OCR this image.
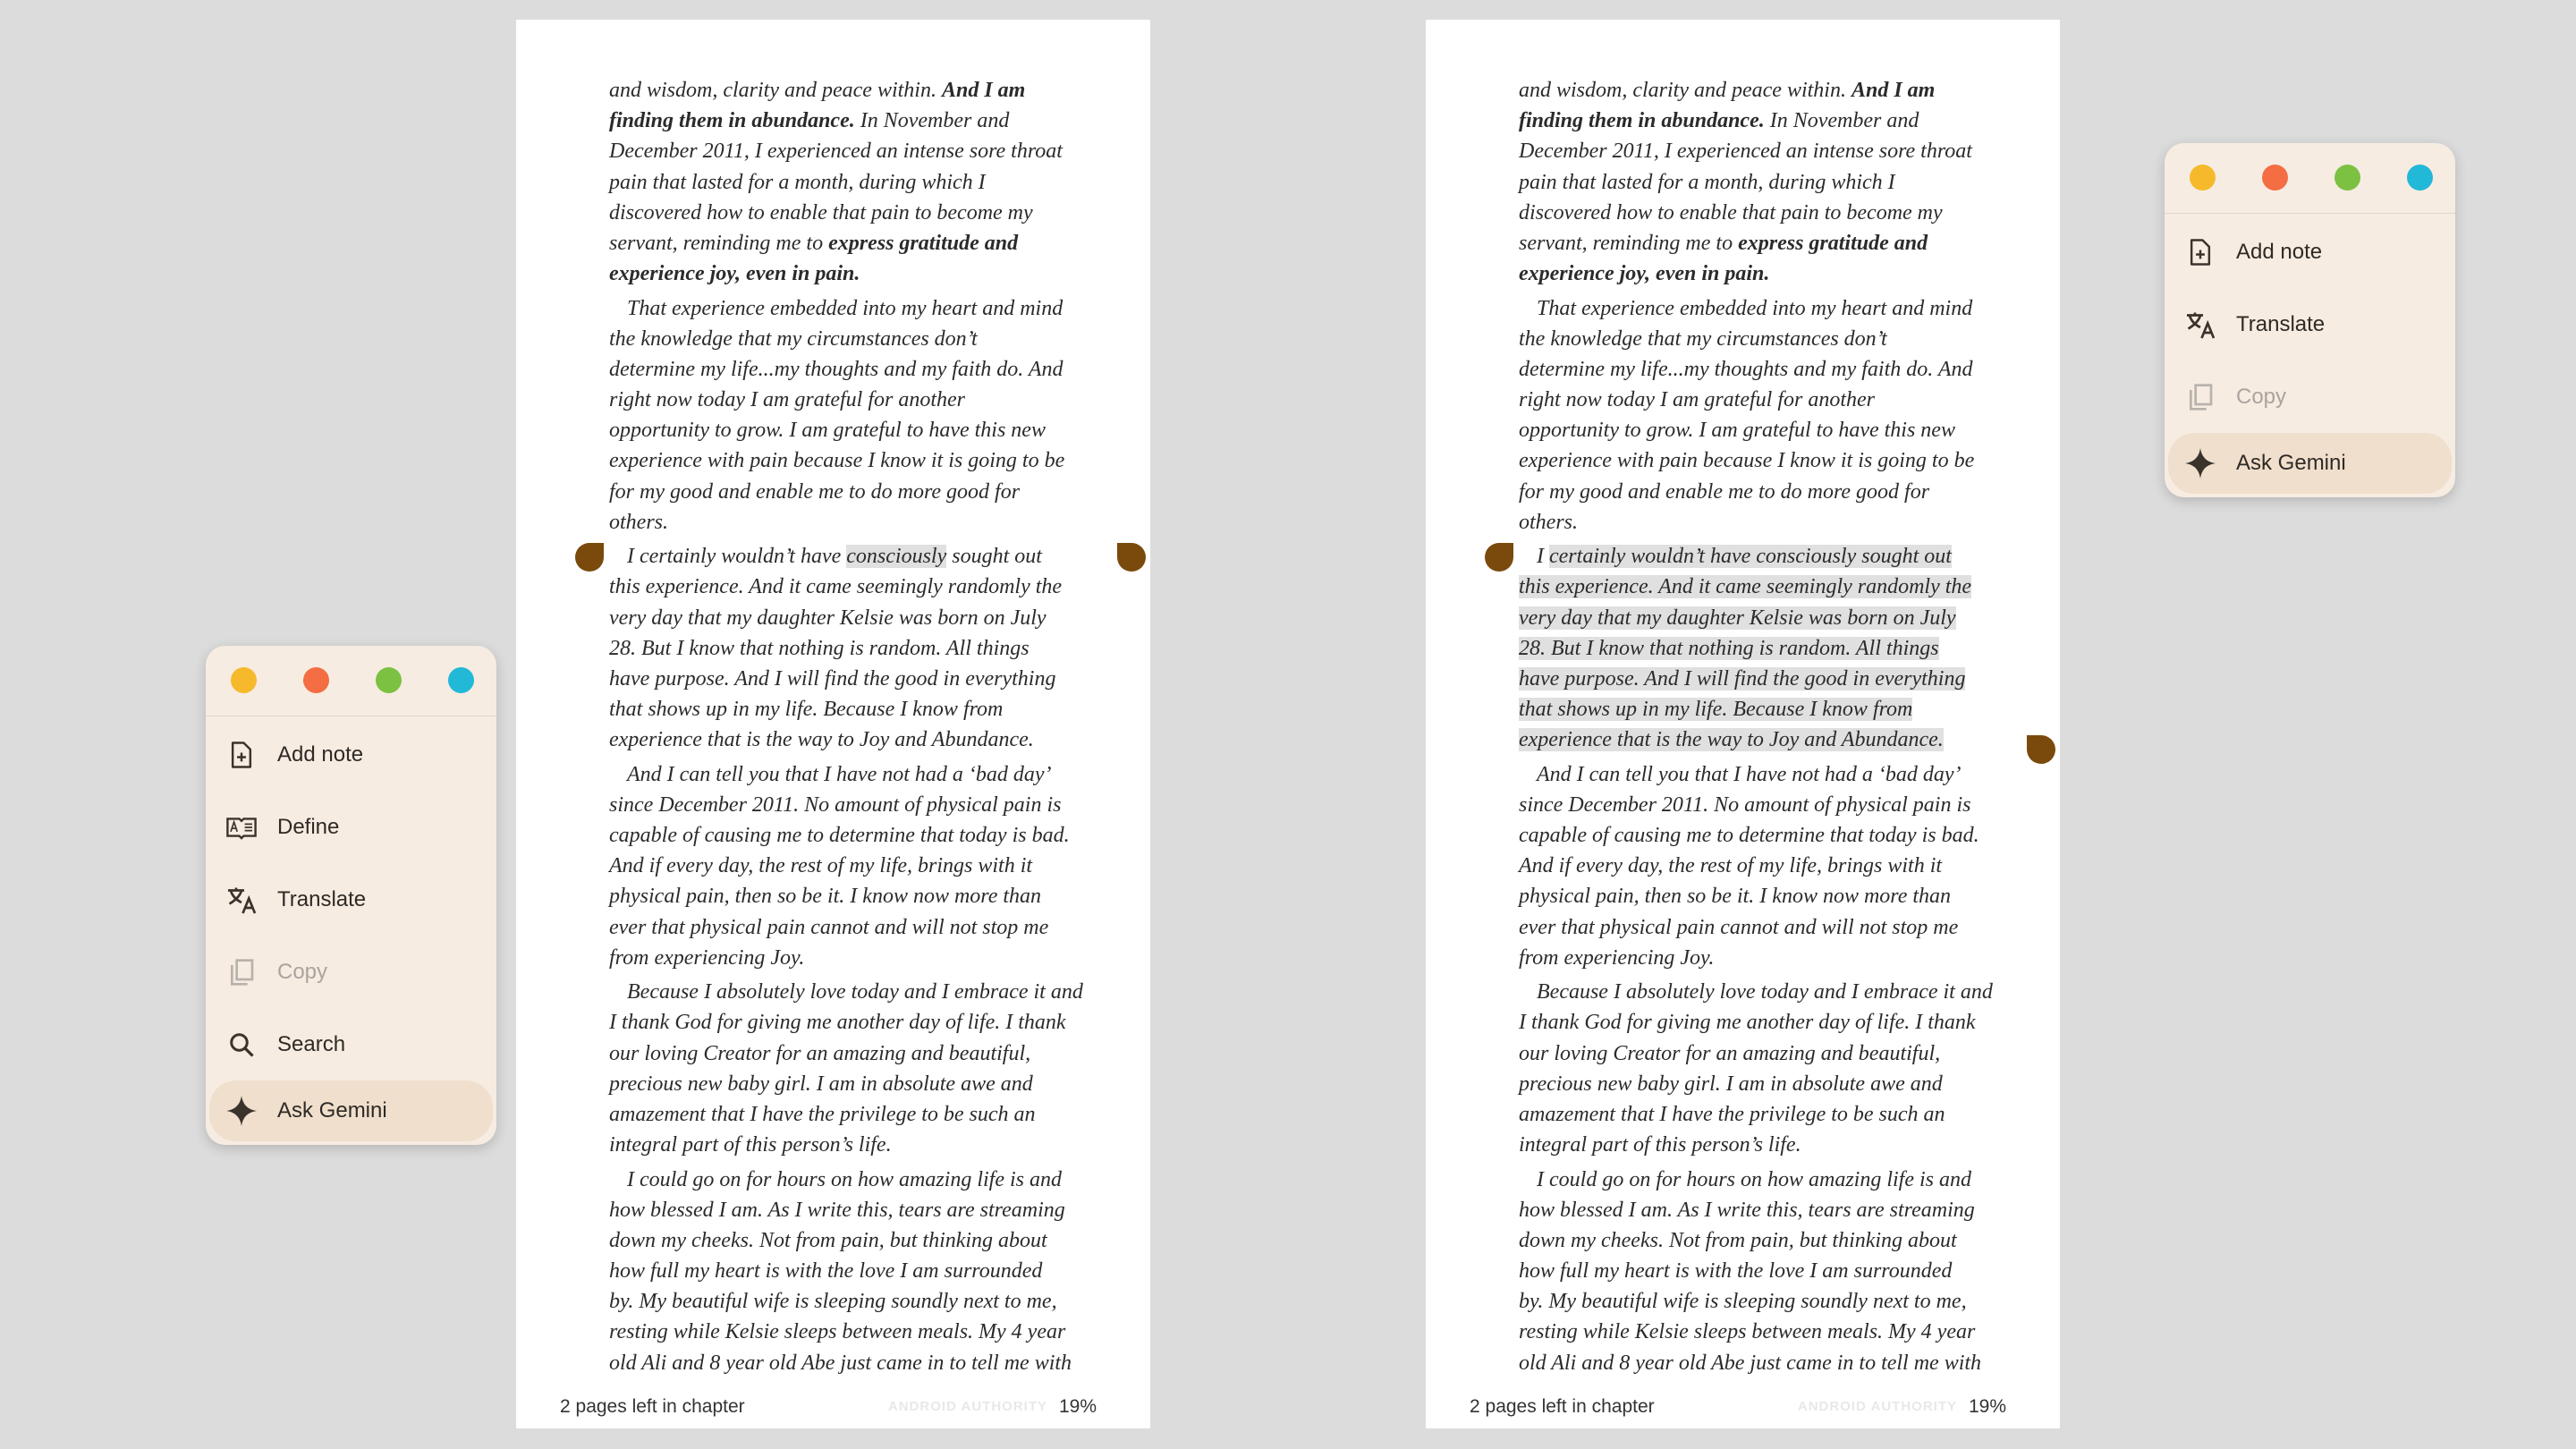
and wisdom, clarity and peace within. And I am
finding them in abundance. In November and
December 2011, I experienced an intense sore throat
pain that lasted for a month, during which I
discovered how to enable that pain to become my
servant, reminding me to express gratitude and
experience joy, even in pain.
That experience embedded into my heart and mind
the knowledge that my circumstances don’t
determine my life...my thoughts and my faith do. And
right now today I am grateful for another
opportunity to grow. I am grateful to have this new
experience with pain because I know it is going to be
for my good and enable me to do more good for
others.
I certainly wouldn’t have consciously sought out
this experience. And it came seemingly randomly the
very day that my daughter Kelsie was born on July
28. But I know that nothing is random. All things
have purpose. And I will find the good in everything
that shows up in my life. Because I know from
experience that is the way to Joy and Abundance.
And I can tell you that I have not had a ‘bad day’
since December 2011. No amount of physical pain is
capable of causing me to determine that today is bad.
And if every day, the rest of my life, brings with it
physical pain, then so be it. I know now more than
ever that physical pain cannot and will not stop me
from experiencing Joy.
Because I absolutely love today and I embrace it and
I thank God for giving me another day of life. I thank
our loving Creator for an amazing and beautiful,
precious new baby girl. I am in absolute awe and
amazement that I have the privilege to be such an
integral part of this person’s life.
I could go on for hours on how amazing life is and
how blessed I am. As I write this, tears are streaming
down my cheeks. Not from pain, but thinking about
how full my heart is with the love I am surrounded
by. My beautiful wife is sleeping soundly next to me,
resting while Kelsie sleeps between meals. My 4 year
old Ali and 8 year old Abe just came in to tell me with
2 pages left in chapter	ANDROID AUTHORITY 19%
and wisdom, clarity and peace within. And I am
finding them in abundance. In November and
December 2011, I experienced an intense sore throat
pain that lasted for a month, during which I
discovered how to enable that pain to become my
servant, reminding me to express gratitude and
experience joy, even in pain.
That experience embedded into my heart and mind
the knowledge that my circumstances don’t
determine my life...my thoughts and my faith do. And
right now today I am grateful for another
opportunity to grow. I am grateful to have this new
experience with pain because I know it is going to be
for my good and enable me to do more good for
others.
I certainly wouldn’t have consciously sought out
this experience. And it came seemingly randomly the
very day that my daughter Kelsie was born on July
28. But I know that nothing is random. All things
have purpose. And I will find the good in everything
that shows up in my life. Because I know from
experience that is the way to Joy and Abundance.
And I can tell you that I have not had a ‘bad day’
since December 2011. No amount of physical pain is
capable of causing me to determine that today is bad.
And if every day, the rest of my life, brings with it
physical pain, then so be it. I know now more than
ever that physical pain cannot and will not stop me
from experiencing Joy.
Because I absolutely love today and I embrace it and
I thank God for giving me another day of life. I thank
our loving Creator for an amazing and beautiful,
precious new baby girl. I am in absolute awe and
amazement that I have the privilege to be such an
integral part of this person’s life.
I could go on for hours on how amazing life is and
how blessed I am. As I write this, tears are streaming
down my cheeks. Not from pain, but thinking about
how full my heart is with the love I am surrounded
by. My beautiful wife is sleeping soundly next to me,
resting while Kelsie sleeps between meals. My 4 year
old Ali and 8 year old Abe just came in to tell me with
2 pages left in chapter	ANDROID AUTHORITY 19%
Add note
Define
Translate
Copy
Search
Ask Gemini
Add note
Translate
Copy
Ask Gemini
